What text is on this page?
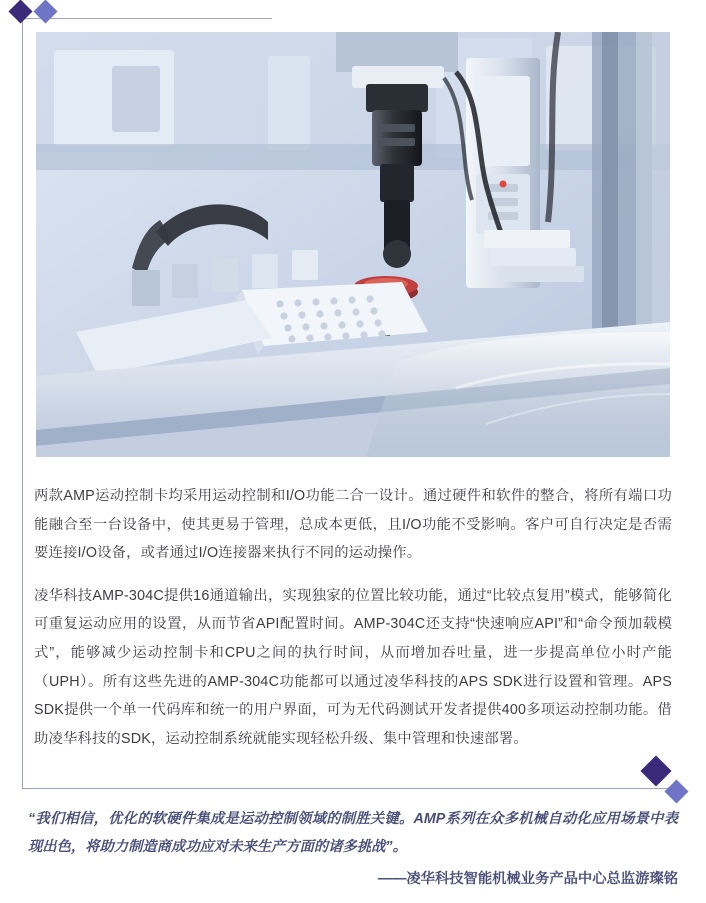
两款AMP运动控制卡均采用运动控制和I/O功能二合一设计。通过硬件和软件的整合，将所有端口功能融合至一台设备中，使其更易于管理，总成本更低，且I/O功能不受影响。客户可自行决定是否需要连接I/O设备，或者通过I/O连接器来执行不同的运动操作。

凌华科技AMP-304C提供16通道输出，实现独家的位置比较功能，通过“比较点复用”模式，能够简化可重复运动应用的设置，从而节省API配置时间。AMP-304C还支持“快速响应API”和“命令预加载模式”，能够减少运动控制卡和CPU之间的执行时间，从而增加吞吐量，进一步提高单位小时产能（UPH）。所有这些先进的AMP-304C功能都可以通过凌华科技的APS SDK进行设置和管理。APS SDK提供一个单一代码库和统一的用户界面，可为无代码测试开发者提供400多项运动控制功能。借助凌华科技的SDK，运动控制系统就能实现轻松升级、集中管理和快速部署。

“我们相信，优化的软硬件集成是运动控制领域的制胜关键。AMP系列在众多机械自动化应用场景中表现出色，将助力制造商成功应对未来生产方面的诸多挑战”。

——凌华科技智能机械业务产品中心总监游璨铭
